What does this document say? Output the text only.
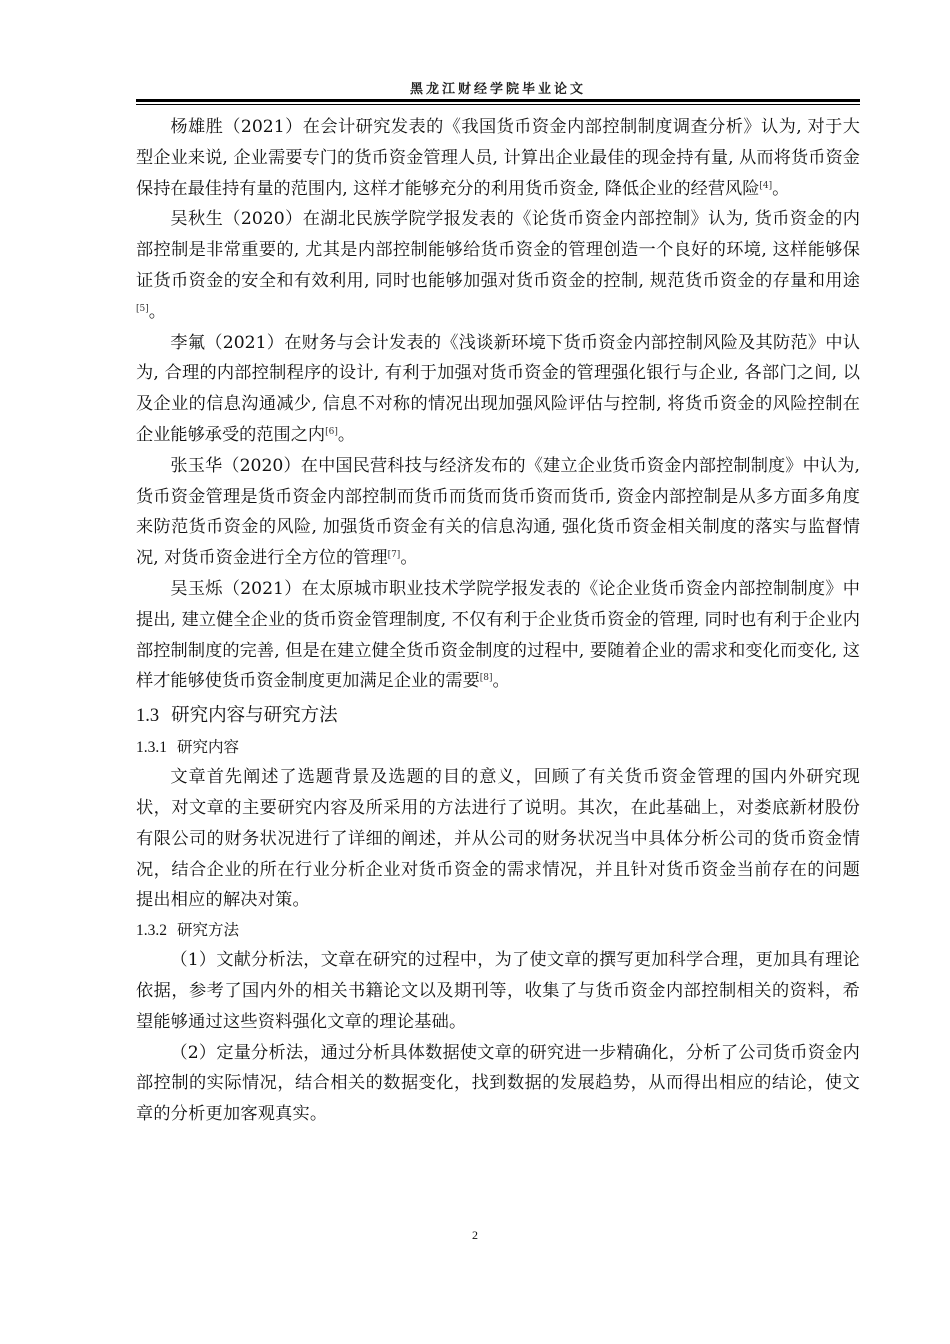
黑龙江财经学院毕业论文

杨雄胜（2021）在会计研究发表的《我国货币资金内部控制制度调查分析》认为, 对于大型企业来说, 企业需要专门的货币资金管理人员, 计算出企业最佳的现金持有量, 从而将货币资金保持在最佳持有量的范围内, 这样才能够充分的利用货币资金, 降低企业的经营风险[4]。

吴秋生（2020）在湖北民族学院学报发表的《论货币资金内部控制》认为, 货币资金的内部控制是非常重要的, 尤其是内部控制能够给货币资金的管理创造一个良好的环境, 这样能够保证货币资金的安全和有效利用, 同时也能够加强对货币资金的控制, 规范货币资金的存量和用途[5]。

李氟（2021）在财务与会计发表的《浅谈新环境下货币资金内部控制风险及其防范》中认为, 合理的内部控制程序的设计, 有利于加强对货币资金的管理强化银行与企业, 各部门之间, 以及企业的信息沟通减少, 信息不对称的情况出现加强风险评估与控制, 将货币资金的风险控制在企业能够承受的范围之内[6]。

张玉华（2020）在中国民营科技与经济发布的《建立企业货币资金内部控制制度》中认为, 货币资金管理是货币资金内部控制而货币而货而货币资而货币, 资金内部控制是从多方面多角度来防范货币资金的风险, 加强货币资金有关的信息沟通, 强化货币资金相关制度的落实与监督情况, 对货币资金进行全方位的管理[7]。

吴玉烁（2021）在太原城市职业技术学院学报发表的《论企业货币资金内部控制制度》中提出, 建立健全企业的货币资金管理制度, 不仅有利于企业货币资金的管理, 同时也有利于企业内部控制制度的完善, 但是在建立健全货币资金制度的过程中, 要随着企业的需求和变化而变化, 这样才能够使货币资金制度更加满足企业的需要[8]。

1.3 研究内容与研究方法
1.3.1 研究内容

文章首先阐述了选题背景及选题的目的意义，回顾了有关货币资金管理的国内外研究现状，对文章的主要研究内容及所采用的方法进行了说明。其次，在此基础上，对娄底新材股份有限公司的财务状况进行了详细的阐述，并从公司的财务状况当中具体分析公司的货币资金情况，结合企业的所在行业分析企业对货币资金的需求情况，并且针对货币资金当前存在的问题提出相应的解决对策。

1.3.2 研究方法

（1）文献分析法，文章在研究的过程中，为了使文章的撰写更加科学合理，更加具有理论依据，参考了国内外的相关书籍论文以及期刊等，收集了与货币资金内部控制相关的资料，希望能够通过这些资料强化文章的理论基础。

（2）定量分析法，通过分析具体数据使文章的研究进一步精确化，分析了公司货币资金内部控制的实际情况，结合相关的数据变化，找到数据的发展趋势，从而得出相应的结论，使文章的分析更加客观真实。

2
